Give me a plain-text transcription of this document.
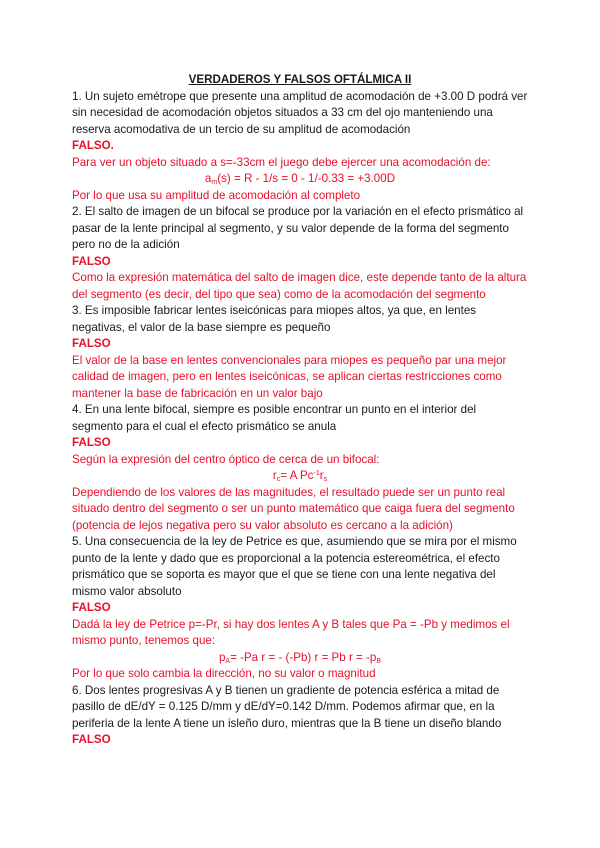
VERDADEROS Y FALSOS OFTÁLMICA II

1. Un sujeto emétrope que presente una amplitud de acomodación de +3.00 D podrá ver sin necesidad de acomodación objetos situados a 33 cm del ojo manteniendo una reserva acomodativa de un tercio de su amplitud de acomodación

FALSO.

Para ver un objeto situado a s=-33cm el juego debe ejercer una acomodación de:

$a_m(s) = R - 1/s = 0 - 1/-0.33 = +3.00D$

Por lo que usa su amplitud de acomodación al completo

2. El salto de imagen de un bifocal se produce por la variación en el efecto prismático al pasar de la lente principal al segmento, y su valor depende de la forma del segmento pero no de la adición

FALSO

Como la expresión matemática del salto de imagen dice, este depende tanto de la altura del segmento (es decir, del tipo que sea) como de la acomodación del segmento

3. Es imposible fabricar lentes iseicónicas para miopes altos, ya que, en lentes negativas, el valor de la base siempre es pequeño

FALSO

El valor de la base en lentes convencionales para miopes es pequeño par una mejor calidad de imagen, pero en lentes iseicónicas, se aplican ciertas restricciones como mantener la base de fabricación en un valor bajo

4. En una lente bifocal, siempre es posible encontrar un punto en el interior del segmento para el cual el efecto prismático se anula

FALSO

Según la expresión del centro óptico de cerca de un bifocal:

$r_c= A$ $Pc^{-1}r_s$

Dependiendo de los valores de las magnitudes, el resultado puede ser un punto real situado dentro del segmento o ser un punto matemático que caiga fuera del segmento (potencia de lejos negativa pero su valor absoluto es cercano a la adición)

5. Una consecuencia de la ley de Petrice es que, asumiendo que se mira por el mismo punto de la lente y dado que es proporcional a la potencia estereométrica, el efecto prismático que se soporta es mayor que el que se tiene con una lente negativa del mismo valor absoluto

FALSO

Dadá la ley de Petrice p=-Pr, si hay dos lentes A y B tales que Pa = -Pb y medimos el mismo punto, tenemos que:

$p_A= -Pa$ r = - (-Pb) r = Pb $r = -p_B$

Por lo que solo cambia la dirección, no su valor o magnitud

6. Dos lentes progresivas A y B tienen un gradiente de potencia esférica a mitad de pasillo de dE/dY = 0.125 D/mm y dE/dY=0.142 D/mm. Podemos afirmar que, en la periferia de la lente A tiene un isleño duro, mientras que la B tiene un diseño blando

FALSO
